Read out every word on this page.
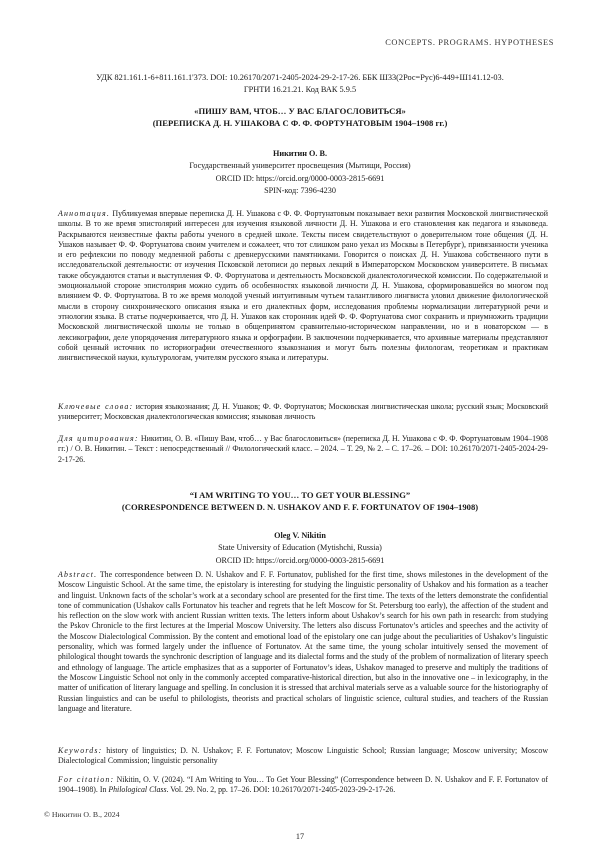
CONCEPTS. PROGRAMS. HYPOTHESES
УДК 821.161.1-6+811.161.1'373. DOI: 10.26170/2071-2405-2024-29-2-17-26. ББК Ш33(2Рос=Рус)6-449+Ш141.12-03.
ГРНТИ 16.21.21. Код ВАК 5.9.5
«ПИШУ ВАМ, ЧТОБ… У ВАС БЛАГОСЛОВИТЬСЯ»
(ПЕРЕПИСКА Д. Н. УШАКОВА С Ф. Ф. ФОРТУНАТОВЫМ 1904–1908 гг.)
Никитин О. В.
Государственный университет просвещения (Мытищи, Россия)
ORCID ID: https://orcid.org/0000-0003-2815-6691
SPIN-код: 7396-4230
Аннотация. Публикуемая впервые переписка Д. Н. Ушакова с Ф. Ф. Фортунатовым показывает вехи развития Московской лингвистической школы. В то же время эпистолярий интересен для изучения языковой личности Д. Н. Ушакова и его становления как педагога и языковеда. Раскрываются неизвестные факты работы ученого в средней школе. Тексты писем свидетельствуют о доверительном тоне общения (Д. Н. Ушаков называет Ф. Ф. Фортунатова своим учителем и сожалеет, что тот слишком рано уехал из Москвы в Петербург), привязанности ученика и его рефлексии по поводу медленной работы с древнерусскими памятниками. Говорится о поисках Д. Н. Ушакова собственного пути в исследовательской деятельности: от изучения Псковской летописи до первых лекций в Императорском Московском университете. В письмах также обсуждаются статьи и выступления Ф. Ф. Фортунатова и деятельность Московской диалектологической комиссии. По содержательной и эмоциональной стороне эпистолярия можно судить об особенностях языковой личности Д. Н. Ушакова, сформировавшейся во многом под влиянием Ф. Ф. Фортунатова. В то же время молодой ученый интуитивным чутьем талантливого лингвиста уловил движение филологической мысли в сторону синхронического описания языка и его диалектных форм, исследования проблемы нормализации литературной речи и этнологии языка. В статье подчеркивается, что Д. Н. Ушаков как сторонник идей Ф. Ф. Фортунатова смог сохранить и приумножить традиции Московской лингвистической школы не только в общепринятом сравнительно-историческом направлении, но и в новаторском — в лексикографии, деле упорядочения литературного языка и орфографии. В заключении подчеркивается, что архивные материалы представляют собой ценный источник по историографии отечественного языкознания и могут быть полезны филологам, теоретикам и практикам лингвистической науки, культурологам, учителям русского языка и литературы.
Ключевые слова: история языкознания; Д. Н. Ушаков; Ф. Ф. Фортунатов; Московская лингвистическая школа; русский язык; Московский университет; Московская диалектологическая комиссия; языковая личность
Для цитирования: Никитин, О. В. «Пишу Вам, чтоб… у Вас благословиться» (переписка Д. Н. Ушакова с Ф. Ф. Фортунатовым 1904–1908 гг.) / О. В. Никитин. – Текст : непосредственный // Филологический класс. – 2024. – Т. 29, № 2. – С. 17–26. – DOI: 10.26170/2071-2405-2024-29-2-17-26.
“I AM WRITING TO YOU… TO GET YOUR BLESSING”
(CORRESPONDENCE BETWEEN D. N. USHAKOV AND F. F. FORTUNATOV OF 1904–1908)
Oleg V. Nikitin
State University of Education (Mytishchi, Russia)
ORCID ID: https://orcid.org/0000-0003-2815-6691
Abstract. The correspondence between D. N. Ushakov and F. F. Fortunatov, published for the first time, shows milestones in the development of the Moscow Linguistic School. At the same time, the epistolary is interesting for studying the linguistic personality of Ushakov and his formation as a teacher and linguist. Unknown facts of the scholar’s work at a secondary school are presented for the first time. The texts of the letters demonstrate the confidential tone of communication (Ushakov calls Fortunatov his teacher and regrets that he left Moscow for St. Petersburg too early), the affection of the student and his reflection on the slow work with ancient Russian written texts. The letters inform about Ushakov’s search for his own path in research: from studying the Pskov Chronicle to the first lectures at the Imperial Moscow University. The letters also discuss Fortunatov’s articles and speeches and the activity of the Moscow Dialectological Commission. By the content and emotional load of the epistolary one can judge about the peculiarities of Ushakov’s linguistic personality, which was formed largely under the influence of Fortunatov. At the same time, the young scholar intuitively sensed the movement of philological thought towards the synchronic description of language and its dialectal forms and the study of the problem of normalization of literary speech and ethnology of language. The article emphasizes that as a supporter of Fortunatov’s ideas, Ushakov managed to preserve and multiply the traditions of the Moscow Linguistic School not only in the commonly accepted comparative-historical direction, but also in the innovative one – in lexicography, in the matter of unification of literary language and spelling. In conclusion it is stressed that archival materials serve as a valuable source for the historiography of Russian linguistics and can be useful to philologists, theorists and practical scholars of linguistic science, cultural studies, and teachers of the Russian language and literature.
Keywords: history of linguistics; D. N. Ushakov; F. F. Fortunatov; Moscow Linguistic School; Russian language; Moscow university; Moscow Dialectological Commission; linguistic personality
For citation: Nikitin, O. V. (2024). “I Am Writing to You… To Get Your Blessing” (Correspondence between D. N. Ushakov and F. F. Fortunatov of 1904–1908). In Philological Class. Vol. 29. No. 2, pp. 17–26. DOI: 10.26170/2071-2405-2023-29-2-17-26.
© Никитин О. В., 2024
17
